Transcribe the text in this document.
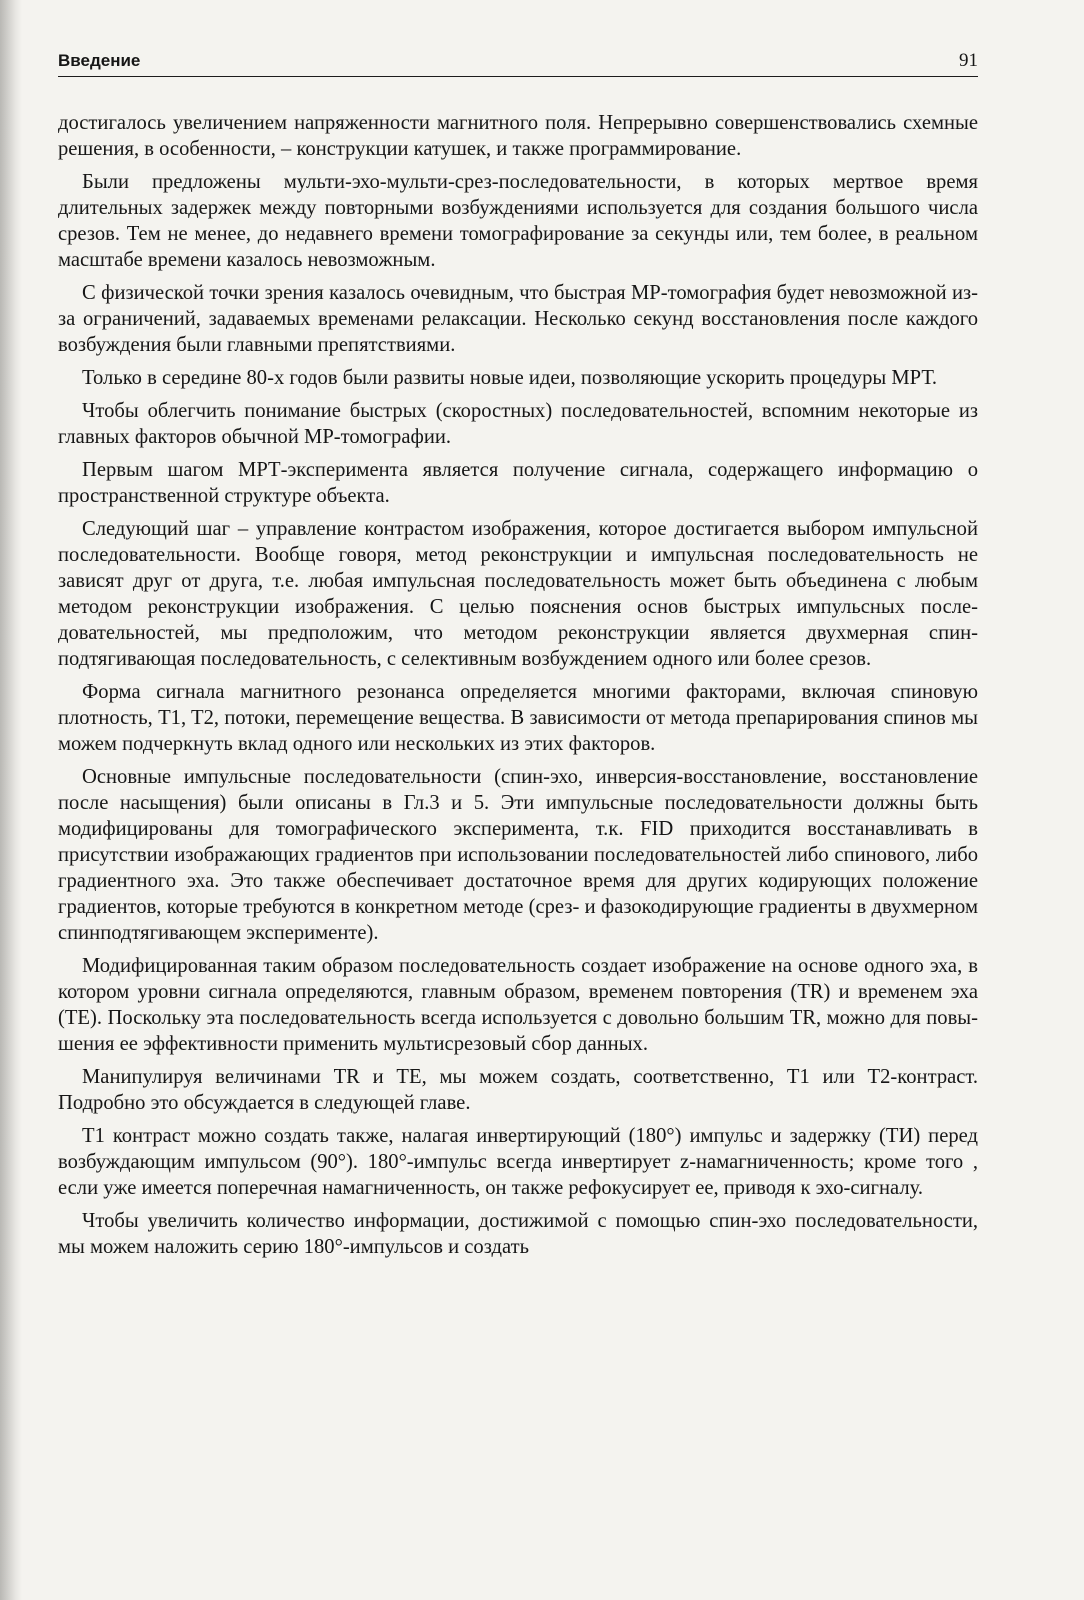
Введение	91

достигалось увеличением напряженности магнитного поля. Непрерывно совершенствовались схемные решения, в особенности, – конструкции катушек, и также программирование.

Были предложены мульти-эхо-мульти-срез-последовательности, в которых мертвое время длительных задержек между повторными возбуждениями используется для создания большого числа срезов. Тем не менее, до недавнего времени томографирование за секунды или, тем более, в реальном масштабе времени казалось невозможным.

С физической точки зрения казалось очевидным, что быстрая МР-томография будет невозможной из-за ограничений, задаваемых временами релаксации. Несколько секунд восстановления после каждого возбуждения были главными препятствиями.

Только в середине 80-х годов были развиты новые идеи, позволяющие ускорить процедуры МРТ.

Чтобы облегчить понимание быстрых (скоростных) последовательностей, вспомним некоторые из главных факторов обычной МР-томографии.

Первым шагом МРТ-эксперимента является получение сигнала, содержащего информацию о пространственной структуре объекта.

Следующий шаг – управление контрастом изображения, которое достигается выбором импульсной последовательности. Вообще говоря, метод реконструкции и импульсная последовательность не зависят друг от друга, т.е. любая импульсная последовательность может быть объединена с любым методом реконструкции изображения. С целью пояснения основ быстрых импульсных последовательностей, мы предположим, что методом реконструкции является двухмерная спин-подтягивающая последовательность, с селективным возбуждением одного или более срезов.

Форма сигнала магнитного резонанса определяется многими факторами, включая спиновую плотность, T1, T2, потоки, перемещение вещества. В зависимости от метода препарирования спинов мы можем подчеркнуть вклад одного или нескольких из этих факторов.

Основные импульсные последовательности (спин-эхо, инверсия-восстановление, восстановление после насыщения) были описаны в Гл.3 и 5. Эти импульсные последовательности должны быть модифицированы для томографического эксперимента, т.к. FID приходится восстанавливать в присутствии изображающих градиентов при использовании последовательностей либо спинового, либо градиентного эха. Это также обеспечивает достаточное время для других кодирующих положение градиентов, которые требуются в конкретном методе (срез- и фазокодирующие градиенты в двухмерном спинподтягивающем эксперименте).

Модифицированная таким образом последовательность создает изображение на основе одного эха, в котором уровни сигнала определяются, главным образом, временем повторения (TR) и временем эха (TE). Поскольку эта последовательность всегда используется с довольно большим TR, можно для повышения ее эффективности применить мультисрезовый сбор данных.

Манипулируя величинами TR и TE, мы можем создать, соответственно, T1 или T2-контраст. Подробно это обсуждается в следующей главе.

T1 контраст можно создать также, налагая инвертирующий (180°) импульс и задержку (ТИ) перед возбуждающим импульсом (90°). 180°-импульс всегда инвертирует z-намагниченность; кроме того , если уже имеется поперечная намагниченность, он также рефокусирует ее, приводя к эхо-сигналу.

Чтобы увеличить количество информации, достижимой с помощью спин-эхо последовательности, мы можем наложить серию 180°-импульсов и создать
